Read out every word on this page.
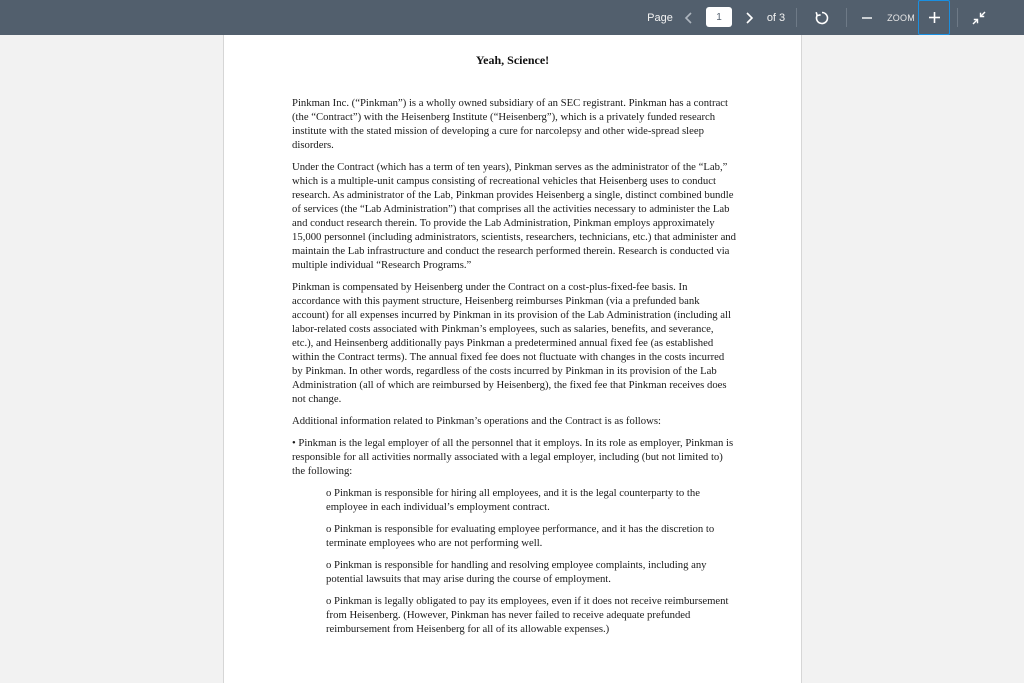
Page
1	of 3	ZOOM
Yeah, Science!

Pinkman Inc. (“Pinkman”) is a wholly owned subsidiary of an SEC registrant. Pinkman has a contract (the “Contract”) with the Heisenberg Institute (“Heisenberg”), which is a privately funded research institute with the stated mission of developing a cure for narcolepsy and other wide-spread sleep disorders.

Under the Contract (which has a term of ten years), Pinkman serves as the administrator of the “Lab,” which is a multiple-unit campus consisting of recreational vehicles that Heisenberg uses to conduct research. As administrator of the Lab, Pinkman provides Heisenberg a single, distinct combined bundle of services (the “Lab Administration”) that comprises all the activities necessary to administer the Lab and conduct research therein. To provide the Lab Administration, Pinkman employs approximately 15,000 personnel (including administrators, scientists, researchers, technicians, etc.) that administer and maintain the Lab infrastructure and conduct the research performed therein. Research is conducted via multiple individual “Research Programs.”

Pinkman is compensated by Heisenberg under the Contract on a cost-plus-fixed-fee basis. In accordance with this payment structure, Heisenberg reimburses Pinkman (via a prefunded bank account) for all expenses incurred by Pinkman in its provision of the Lab Administration (including all labor-related costs associated with Pinkman’s employees, such as salaries, benefits, and severance, etc.), and Heinsenberg additionally pays Pinkman a predetermined annual fixed fee (as established within the Contract terms). The annual fixed fee does not fluctuate with changes in the costs incurred by Pinkman. In other words, regardless of the costs incurred by Pinkman in its provision of the Lab Administration (all of which are reimbursed by Heisenberg), the fixed fee that Pinkman receives does not change.

Additional information related to Pinkman’s operations and the Contract is as follows:

• Pinkman is the legal employer of all the personnel that it employs. In its role as employer, Pinkman is responsible for all activities normally associated with a legal employer, including (but not limited to) the following:

o Pinkman is responsible for hiring all employees, and it is the legal counterparty to the employee in each individual’s employment contract.

o Pinkman is responsible for evaluating employee performance, and it has the discretion to terminate employees who are not performing well.

o Pinkman is responsible for handling and resolving employee complaints, including any potential lawsuits that may arise during the course of employment.

o Pinkman is legally obligated to pay its employees, even if it does not receive reimbursement from Heisenberg. (However, Pinkman has never failed to receive adequate prefunded reimbursement from Heisenberg for all of its allowable expenses.)
